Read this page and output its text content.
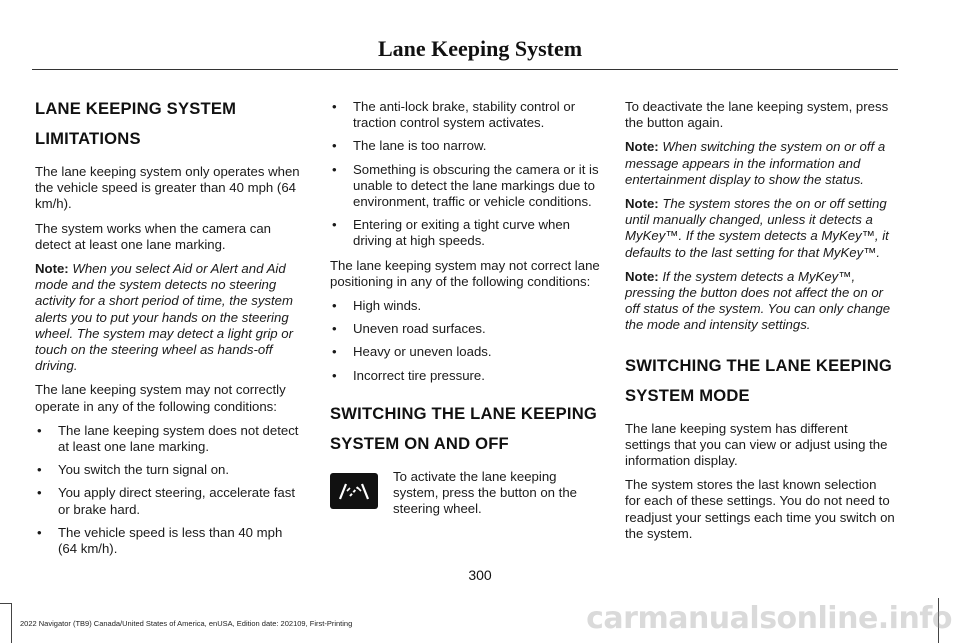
Lane Keeping System
LANE KEEPING SYSTEM
LIMITATIONS

The lane keeping system only operates when the vehicle speed is greater than 40 mph (64 km/h).

The system works when the camera can detect at least one lane marking.

Note: When you select Aid or Alert and Aid mode and the system detects no steering activity for a short period of time, the system alerts you to put your hands on the steering wheel. The system may detect a light grip or touch on the steering wheel as hands-off driving.

The lane keeping system may not correctly operate in any of the following conditions:

• The lane keeping system does not detect at least one lane marking.
• You switch the turn signal on.
• You apply direct steering, accelerate fast or brake hard.
• The vehicle speed is less than 40 mph (64 km/h).
• The anti-lock brake, stability control or traction control system activates.
• The lane is too narrow.
• Something is obscuring the camera or it is unable to detect the lane markings due to environment, traffic or vehicle conditions.
• Entering or exiting a tight curve when driving at high speeds.

The lane keeping system may not correct lane positioning in any of the following conditions:

• High winds.
• Uneven road surfaces.
• Heavy or uneven loads.
• Incorrect tire pressure.
SWITCHING THE LANE KEEPING
SYSTEM ON AND OFF
To activate the lane keeping system, press the button on the steering wheel.

To deactivate the lane keeping system, press the button again.

Note: When switching the system on or off a message appears in the information and entertainment display to show the status.

Note: The system stores the on or off setting until manually changed, unless it detects a MyKey™. If the system detects a MyKey™, it defaults to the last setting for that MyKey™.

Note: If the system detects a MyKey™, pressing the button does not affect the on or off status of the system. You can only change the mode and intensity settings.

SWITCHING THE LANE KEEPING
SYSTEM MODE

The lane keeping system has different settings that you can view or adjust using the information display.

The system stores the last known selection for each of these settings. You do not need to readjust your settings each time you switch on the system.

300
2022 Navigator (TB9) Canada/United States of America, enUSA, Edition date: 202109, First-Printing	carmanualsonline.info
